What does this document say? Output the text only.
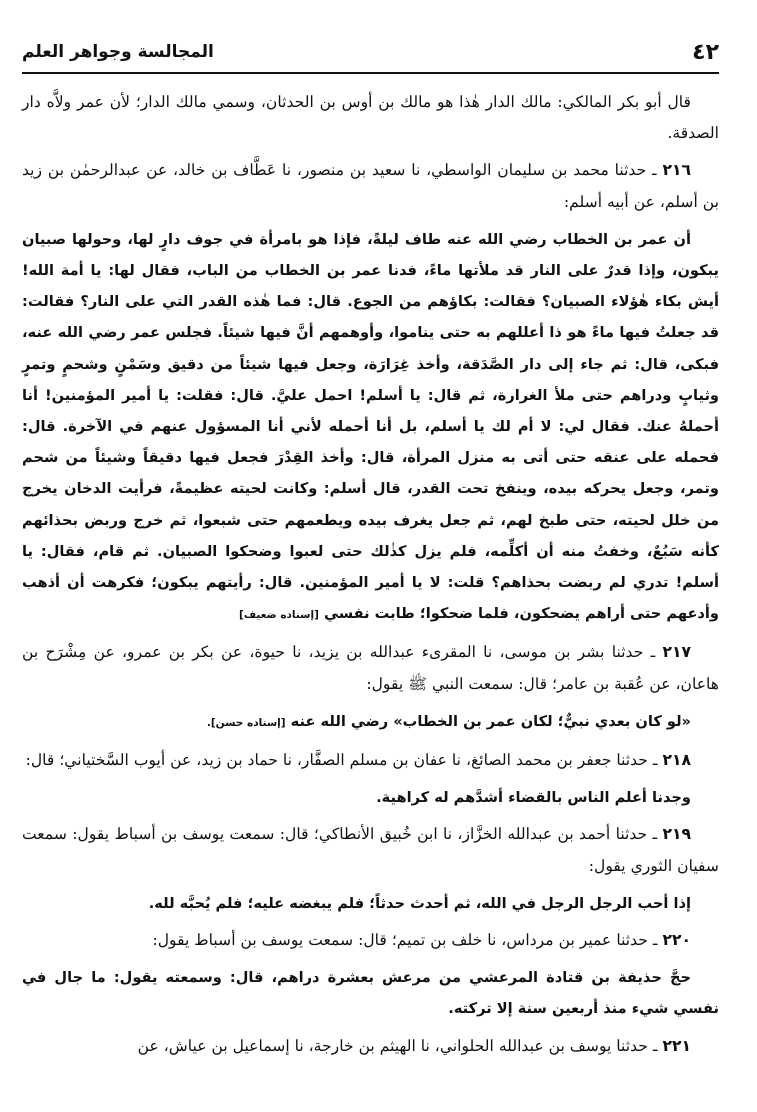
٤٢
المجالسة وجواهر العلم

قال أبو بكر المالكي: مالك الدار هٰذا هو مالك بن أوس بن الحدثان، وسمي مالك الدار؛ لأن عمر ولاَّه دار الصدقة.

٢١٦ ـ حدثنا محمد بن سليمان الواسطي، نا سعيد بن منصور، نا عَطَّاف بن خالد، عن عبدالرحمٰن بن زيد بن أسلم، عن أبيه أسلم:

أن عمر بن الخطاب رضي الله عنه طاف ليلةً، فإذا هو بامرأة في جوف دارٍ لها، وحولها صبيان يبكون، وإذا قدرٌ على النار قد ملأتها ماءً، فدنا عمر بن الخطاب من الباب، فقال لها: يا أمة الله! أيش بكاء هٰؤلاء الصبيان؟ فقالت: بكاؤهم من الجوع. قال: فما هٰذه القدر التي على النار؟ فقالت: قد جعلتُ فيها ماءً هو ذا أعللهم به حتى يناموا، وأوهمهم أنَّ فيها شيئاً. فجلس عمر رضي الله عنه، فبكى، قال: ثم جاء إلى دار الصَّدَقة، وأخذ غِرَارَة، وجعل فيها شيئاً من دقيق وسَمْنٍ وشحمٍ وتمرٍ وثيابٍ ودراهم حتى ملأ الغرارة، ثم قال: يا أسلم! احمل عليَّ. قال: فقلت: يا أمير المؤمنين! أنا أحملهُ عنك. فقال لي: لا أم لك يا أسلم، بل أنا أحمله لأني أنا المسؤول عنهم في الآخرة. قال: فحمله على عنقه حتى أتى به منزل المرأة، قال: وأخذ القِدْرَ فجعل فيها دقيقاً وشيئاً من شحم وتمر، وجعل يحركه بيده، وينفخ تحت القدر، قال أسلم: وكانت لحيته عظيمةً، فرأيت الدخان يخرج من خلل لحيته، حتى طبخ لهم، ثم جعل يغرف بيده ويطعمهم حتى شبعوا، ثم خرج وربض بحذائهم كأنه سَبُعٌ، وخفتُ منه أن أكلِّمه، فلم يزل كذٰلك حتى لعبوا وضحكوا الصبيان. ثم قام، فقال: يا أسلم! تدري لم ربضت بحذاهم؟ قلت: لا يا أمير المؤمنين. قال: رأيتهم يبكون؛ فكرهت أن أذهب وأدعهم حتى أراهم يضحكون، فلما ضحكوا؛ طابت نفسي [إسناده ضعيف]

٢١٧ ـ حدثنا بشر بن موسى، نا المقرىء عبدالله بن يزيد، نا حيوة، عن بكر بن عمرو، عن مِشْرَح بن هاعان، عن عُقبة بن عامر؛ قال: سمعت النبي ﷺ يقول:

«لو كان بعدي نبيٌّ؛ لكان عمر بن الخطاب» رضي الله عنه [إسناده حسن].

٢١٨ ـ حدثنا جعفر بن محمد الصائغ، نا عفان بن مسلم الصفَّار، نا حماد بن زيد، عن أيوب السَّختياني؛ قال:

وجدنا أعلم الناس بالقضاء أشدَّهم له كراهية.

٢١٩ ـ حدثنا أحمد بن عبدالله الخزَّاز، نا ابن خُبيق الأنطاكي؛ قال: سمعت يوسف بن أسباط يقول: سمعت سفيان الثوري يقول:

إذا أحب الرجل الرجل في الله، ثم أحدث حدثاً؛ فلم يبغضه عليه؛ فلم يُحبَّه لله.

٢٢٠ ـ حدثنا عمير بن مرداس، نا خلف بن تميم؛ قال: سمعت يوسف بن أسباط يقول:

حجَّ حذيفة بن قتادة المرعشي من مرعش بعشرة دراهم، قال: وسمعته يقول: ما جال في نفسي شيء منذ أربعين سنة إلا تركته.

٢٢١ ـ حدثنا يوسف بن عبدالله الحلواني، نا الهيثم بن خارجة، نا إسماعيل بن عياش، عن
